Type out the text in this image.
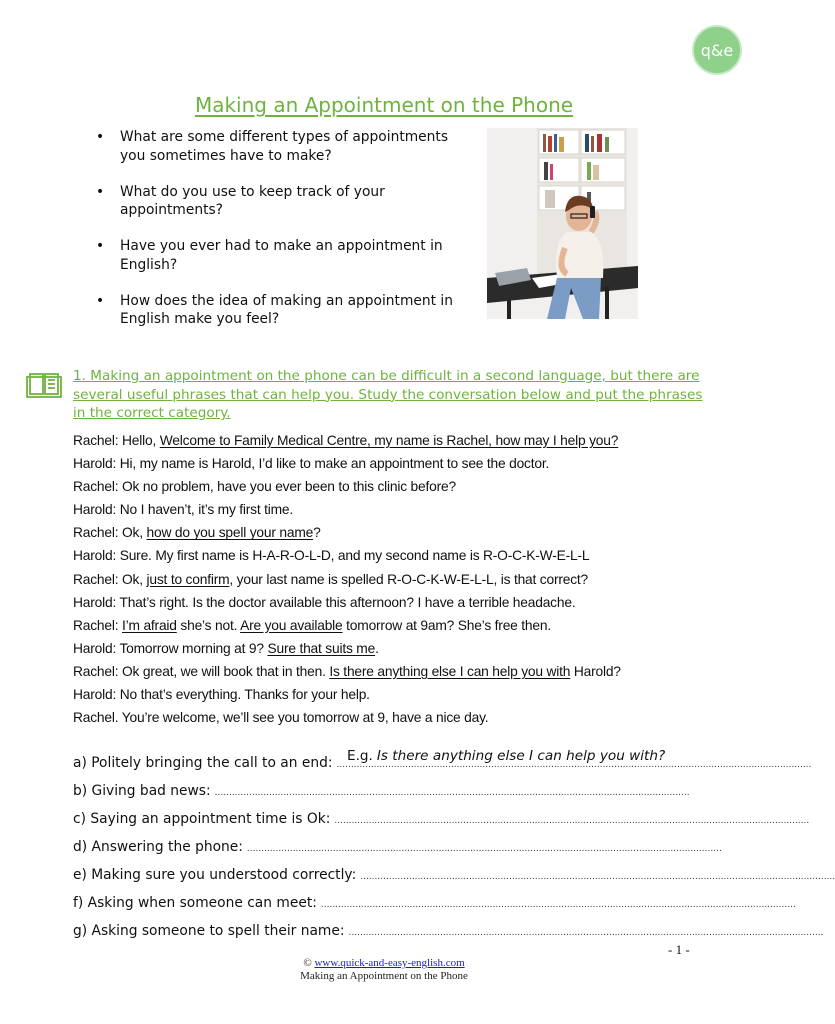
q&e
Making an Appointment on the Phone
• What are some different types of appointments you sometimes have to make?
• What do you use to keep track of your appointments?
• Have you ever had to make an appointment in English?
• How does the idea of making an appointment in English make you feel?

1. Making an appointment on the phone can be difficult in a second language, but there are several useful phrases that can help you. Study the conversation below and put the phrases in the correct category.

Rachel: Hello, Welcome to Family Medical Centre, my name is Rachel, how may I help you?
Harold: Hi, my name is Harold, I’d like to make an appointment to see the doctor.
Rachel: Ok no problem, have you ever been to this clinic before?
Harold: No I haven’t, it’s my first time.
Rachel: Ok, how do you spell your name?
Harold: Sure. My first name is H-A-R-O-L-D, and my second name is R-O-C-K-W-E-L-L
Rachel: Ok, just to confirm, your last name is spelled R-O-C-K-W-E-L-L, is that correct?
Harold: That’s right. Is the doctor available this afternoon? I have a terrible headache.
Rachel: I’m afraid she’s not. Are you available tomorrow at 9am? She’s free then.
Harold: Tomorrow morning at 9? Sure that suits me.
Rachel: Ok great, we will book that in then. Is there anything else I can help you with Harold?
Harold: No that’s everything. Thanks for your help.
Rachel. You’re welcome, we’ll see you tomorrow at 9, have a nice day.
a) Politely bringing the call to an end: ......................................................................................................................................................................
b) Giving bad news: ......................................................................................................................................................................
c) Saying an appointment time is Ok: ......................................................................................................................................................................
d) Answering the phone: ......................................................................................................................................................................
e) Making sure you understood correctly: ......................................................................................................................................................................
f) Asking when someone can meet: ......................................................................................................................................................................
g) Asking someone to spell their name: ......................................................................................................................................................................
E.g. Is there anything else I can help you with?
- 1 -
© www.quick-and-easy-english.com
Making an Appointment on the Phone
